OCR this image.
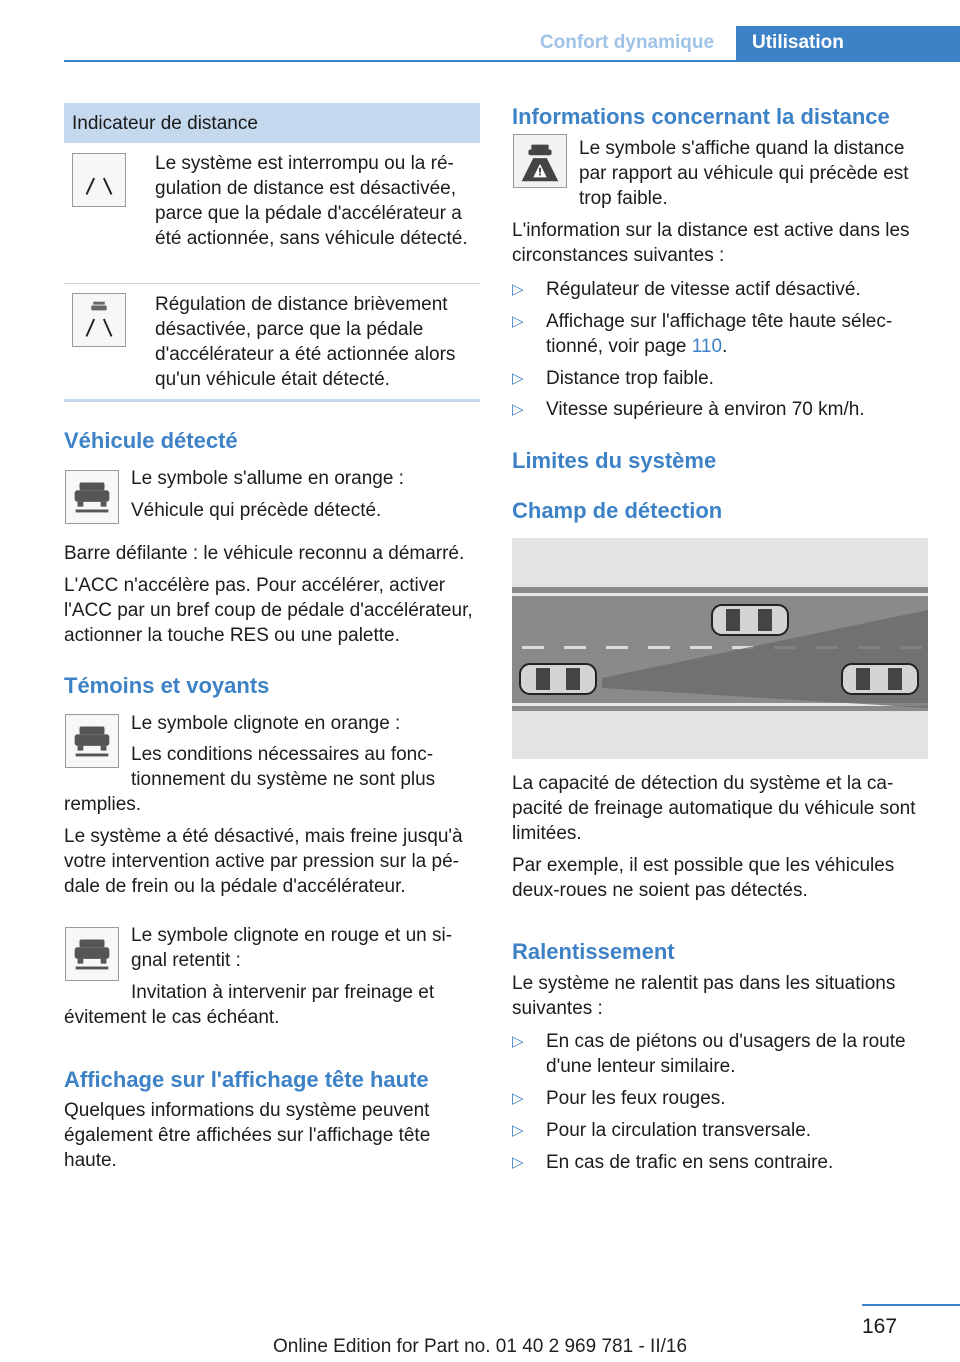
Confort dynamique	Utilisation
Indicateur de distance
Le système est interrompu ou la régulation de distance est désactivée, parce que la pédale d'accélérateur a été actionnée, sans véhicule détecté.
Régulation de distance brièvement désactivée, parce que la pédale d'accélérateur a été actionnée alors qu'un véhicule était détecté.
Véhicule détecté
Le symbole s'allume en orange :
Véhicule qui précède détecté.
Barre défilante : le véhicule reconnu a démarré.
L'ACC n'accélère pas. Pour accélérer, activer l'ACC par un bref coup de pédale d'accélérateur, actionner la touche RES ou une palette.
Témoins et voyants
Le symbole clignote en orange :
Les conditions nécessaires au fonctionnement du système ne sont plus
remplies.
Le système a été désactivé, mais freine jusqu'à votre intervention active par pression sur la pédale de frein ou la pédale d'accélérateur.
Le symbole clignote en rouge et un signal retentit :
Invitation à intervenir par freinage et
évitement le cas échéant.
Affichage sur l'affichage tête haute
Quelques informations du système peuvent également être affichées sur l'affichage tête haute.
Informations concernant la distance
Le symbole s'affiche quand la distance par rapport au véhicule qui précède est trop faible.
L'information sur la distance est active dans les circonstances suivantes :
▷ Régulateur de vitesse actif désactivé.
▷ Affichage sur l'affichage tête haute sélectionné, voir page 110.
▷ Distance trop faible.
▷ Vitesse supérieure à environ 70 km/h.
Limites du système
Champ de détection
La capacité de détection du système et la capacité de freinage automatique du véhicule sont limitées.
Par exemple, il est possible que les véhicules deux-roues ne soient pas détectés.
Ralentissement
Le système ne ralentit pas dans les situations suivantes :
▷ En cas de piétons ou d'usagers de la route d'une lenteur similaire.
▷ Pour les feux rouges.
▷ Pour la circulation transversale.
▷ En cas de trafic en sens contraire.
167
Online Edition for Part no. 01 40 2 969 781 - II/16
